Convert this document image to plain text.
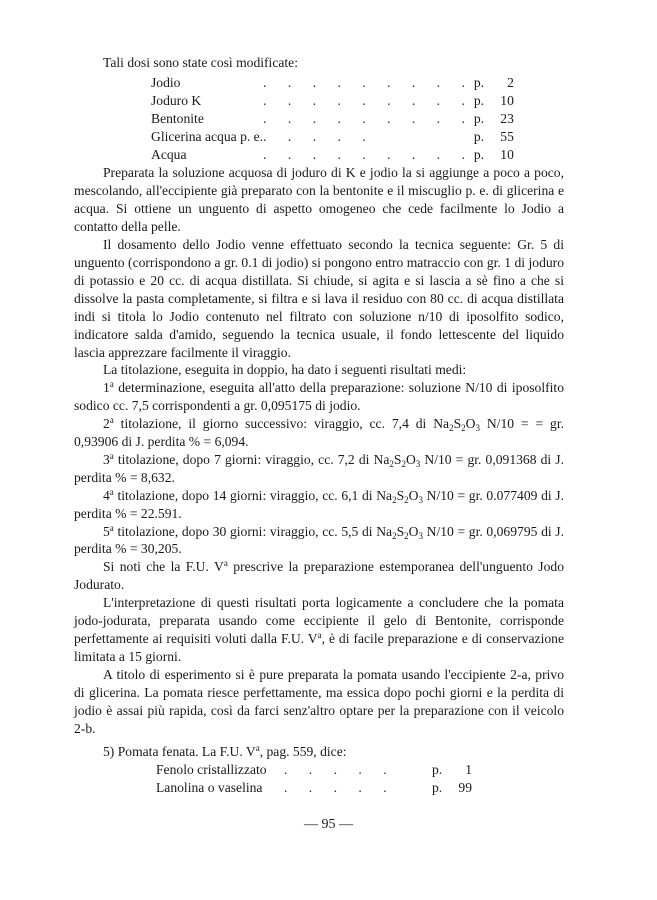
Tali dosi sono state così modificate:

Jodio	. . . . . . . . .	p.	2
Joduro K	. . . . . . . . .	p.	10
Bentonite	. . . . . . . . .	p.	23
Glicerina acqua p. e.	. . . . .	p.	55
Acqua	. . . . . . . . .	p.	10

Preparata la soluzione acquosa di joduro di K e jodio la si aggiunge a poco a poco, mescolando, all'eccipiente già preparato con la bentonite e il miscuglio p. e. di glicerina e acqua. Si ottiene un unguento di aspetto omogeneo che cede facilmente lo Jodio a contatto della pelle.

Il dosamento dello Jodio venne effettuato secondo la tecnica seguente: Gr. 5 di unguento (corrispondono a gr. 0.1 di jodio) si pongono entro matraccio con gr. 1 di joduro di potassio e 20 cc. di acqua distillata. Si chiude, si agita e si lascia a sè fino a che si dissolve la pasta completamente, si filtra e si lava il residuo con 80 cc. di acqua distillata indi si titola lo Jodio contenuto nel filtrato con soluzione n/10 di iposolfito sodico, indicatore salda d'amido, seguendo la tecnica usuale, il fondo lettescente del liquido lascia apprezzare facilmente il viraggio.

La titolazione, eseguita in doppio, ha dato i seguenti risultati medi:

1$^a$ determinazione, eseguita all'atto della preparazione: soluzione N/10 di iposolfito sodico cc. 7,5 corrispondenti a gr. 0,095175 di jodio.

2$^a$ titolazione, il giorno successivo: viraggio, cc. 7,4 di $Na_2S_2O_3$ N/10 = = gr. 0,93906 di J. perdita % = 6,094.

3$^a$ titolazione, dopo 7 giorni: viraggio, cc. 7,2 di $Na_2S_2O_3$ N/10 = gr. 0,091368 di J. perdita % = 8,632.

4$^a$ titolazione, dopo 14 giorni: viraggio, cc. 6,1 di $Na_2S_2O_3$ N/10 = gr. 0.077409 di J. perdita % = 22.591.

5$^a$ titolazione, dopo 30 giorni: viraggio, cc. 5,5 di $Na_2S_2O_3$ N/10 = gr. 0,069795 di J. perdita % = 30,205.

Si noti che la F.U. $V^a$ prescrive la preparazione estemporanea dell'unguento Jodo Jodurato.

L'interpretazione di questi risultati porta logicamente a concludere che la pomata jodo-jodurata, preparata usando come eccipiente il gelo di Bentonite, corrisponde perfettamente ai requisiti voluti dalla F.U. $V^a$, è di facile preparazione e di conservazione limitata a 15 giorni.

A titolo di esperimento si è pure preparata la pomata usando l'eccipiente 2-a, privo di glicerina. La pomata riesce perfettamente, ma essica dopo pochi giorni e la perdita di jodio è assai più rapida, così da farci senz'altro optare per la preparazione con il veicolo 2-b.

5) Pomata fenata. La F.U. $V^a$, pag. 559, dice:

Fenolo cristallizzato	. . . . .	p.	1
Lanolina o vaselina	. . . . .	p.	99
— 95 —
